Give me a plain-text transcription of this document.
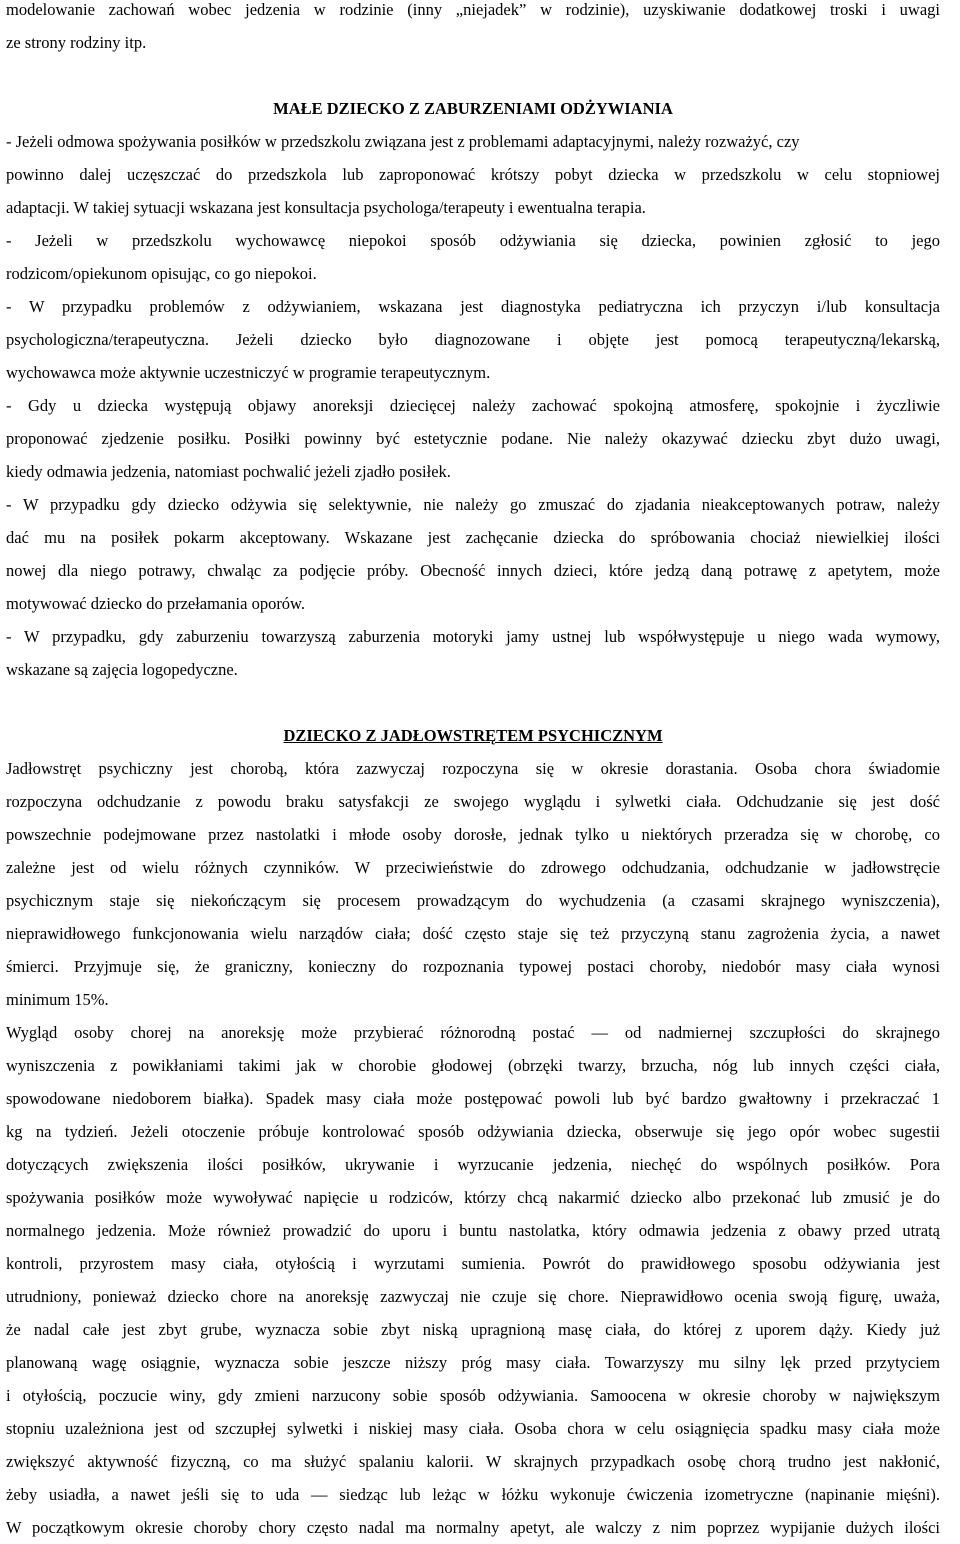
modelowanie zachowań wobec jedzenia w rodzinie (inny „niejadek” w rodzinie), uzyskiwanie dodatkowej troski i uwagi
ze strony rodziny itp.
MAŁE DZIECKO Z ZABURZENIAMI ODŻYWIANIA
- Jeżeli odmowa spożywania posiłków w przedszkolu związana jest z problemami adaptacyjnymi, należy rozważyć, czy
powinno dalej uczęszczać do przedszkola lub zaproponować krótszy pobyt dziecka w przedszkolu w celu stopniowej
adaptacji. W takiej sytuacji wskazana jest konsultacja psychologa/terapeuty i ewentualna terapia.
- Jeżeli w przedszkolu wychowawcę niepokoi sposób odżywiania się dziecka, powinien zgłosić to jego
rodzicom/opiekunom opisując, co go niepokoi.
- W przypadku problemów z odżywianiem, wskazana jest diagnostyka pediatryczna ich przyczyn i/lub konsultacja
psychologiczna/terapeutyczna. Jeżeli dziecko było diagnozowane i objęte jest pomocą terapeutyczną/lekarską,
wychowawca może aktywnie uczestniczyć w programie terapeutycznym.
- Gdy u dziecka występują objawy anoreksji dziecięcej należy zachować spokojną atmosferę, spokojnie i życzliwie
proponować zjedzenie posiłku. Posiłki powinny być estetycznie podane. Nie należy okazywać dziecku zbyt dużo uwagi,
kiedy odmawia jedzenia, natomiast pochwalić jeżeli zjadło posiłek.
- W przypadku gdy dziecko odżywia się selektywnie, nie należy go zmuszać do zjadania nieakceptowanych potraw, należy
dać mu na posiłek pokarm akceptowany. Wskazane jest zachęcanie dziecka do spróbowania chociaż niewielkiej ilości
nowej dla niego potrawy, chwaląc za podjęcie próby. Obecność innych dzieci, które jedzą daną potrawę z apetytem, może
motywować dziecko do przełamania oporów.
- W przypadku, gdy zaburzeniu towarzyszą zaburzenia motoryki jamy ustnej lub współwystępuje u niego wada wymowy,
wskazane są zajęcia logopedyczne.
DZIECKO Z JADŁOWSTRĘTEM PSYCHICZNYM
Jadłowstręt psychiczny jest chorobą, która zazwyczaj rozpoczyna się w okresie dorastania. Osoba chora świadomie
rozpoczyna odchudzanie z powodu braku satysfakcji ze swojego wyglądu i sylwetki ciała. Odchudzanie się jest dość
powszechnie podejmowane przez nastolatki i młode osoby dorosłe, jednak tylko u niektórych przeradza się w chorobę, co
zależne jest od wielu różnych czynników. W przeciwieństwie do zdrowego odchudzania, odchudzanie w jadłowstręcie
psychicznym staje się niekończącym się procesem prowadzącym do wychudzenia (a czasami skrajnego wyniszczenia),
nieprawidłowego funkcjonowania wielu narządów ciała; dość często staje się też przyczyną stanu zagrożenia życia, a nawet
śmierci. Przyjmuje się, że graniczny, konieczny do rozpoznania typowej postaci choroby, niedobór masy ciała wynosi
minimum 15%.
Wygląd osoby chorej na anoreksję może przybierać różnorodną postać — od nadmiernej szczupłości do skrajnego
wyniszczenia z powikłaniami takimi jak w chorobie głodowej (obrzęki twarzy, brzucha, nóg lub innych części ciała,
spowodowane niedoborem białka). Spadek masy ciała może postępować powoli lub być bardzo gwałtowny i przekraczać 1
kg na tydzień. Jeżeli otoczenie próbuje kontrolować sposób odżywiania dziecka, obserwuje się jego opór wobec sugestii
dotyczących zwiększenia ilości posiłków, ukrywanie i wyrzucanie jedzenia, niechęć do wspólnych posiłków. Pora
spożywania posiłków może wywoływać napięcie u rodziców, którzy chcą nakarmić dziecko albo przekonać lub zmusić je do
normalnego jedzenia. Może również prowadzić do uporu i buntu nastolatka, który odmawia jedzenia z obawy przed utratą
kontroli, przyrostem masy ciała, otyłością i wyrzutami sumienia. Powrót do prawidłowego sposobu odżywiania jest
utrudniony, ponieważ dziecko chore na anoreksję zazwyczaj nie czuje się chore. Nieprawidłowo ocenia swoją figurę, uważa,
że nadal całe jest zbyt grube, wyznacza sobie zbyt niską upragnioną masę ciała, do której z uporem dąży. Kiedy już
planowaną wagę osiągnie, wyznacza sobie jeszcze niższy próg masy ciała. Towarzyszy mu silny lęk przed przytyciem
i otyłością, poczucie winy, gdy zmieni narzucony sobie sposób odżywiania. Samoocena w okresie choroby w największym
stopniu uzależniona jest od szczupłej sylwetki i niskiej masy ciała. Osoba chora w celu osiągnięcia spadku masy ciała może
zwiększyć aktywność fizyczną, co ma służyć spalaniu kalorii. W skrajnych przypadkach osobę chorą trudno jest nakłonić,
żeby usiadła, a nawet jeśli się to uda — siedząc lub leżąc w łóżku wykonuje ćwiczenia izometryczne (napinanie mięśni).
W początkowym okresie choroby chory często nadal ma normalny apetyt, ale walczy z nim poprzez wypijanie dużych ilości
